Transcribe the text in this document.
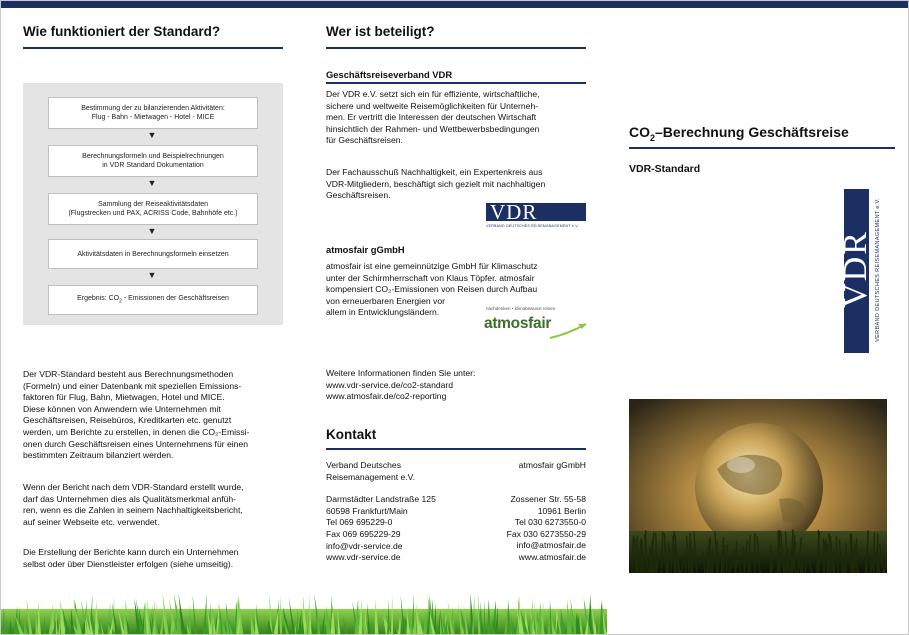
Wie funktioniert der Standard?
Bestimmung der zu bilanzierenden Aktivitäten:
Flug - Bahn - Mietwagen - Hotel - MICE
▼
Berechnungsformeln und Beispielrechnungen
in VDR Standard Dokumentation
▼
Sammlung der Reiseaktivitätsdaten
(Flugstrecken und PAX, ACRISS Code, Bahnhöfe etc.)
▼
Aktivitätsdaten in Berechnungsformeln einsetzen
▼
Ergebnis: $CO_2$ - Emissionen der Geschäftsreisen
Der VDR-Standard besteht aus Berechnungsmethoden
(Formeln) und einer Datenbank mit speziellen Emissions-
faktoren für Flug, Bahn, Mietwagen, Hotel und MICE.
Diese können von Anwendern wie Unternehmen mit
Geschäftsreisen, Reisebüros, Kreditkarten etc. genutzt
werden, um Berichte zu erstellen, in denen die CO₂-Emissi-
onen durch Geschäftsreisen eines Unternehmens für einen
bestimmten Zeitraum bilanziert werden.
Wenn der Bericht nach dem VDR-Standard erstellt wurde,
darf das Unternehmen dies als Qualitätsmerkmal anfüh-
ren, wenn es die Zahlen in seinem Nachhaltigkeitsbericht,
auf seiner Webseite etc. verwendet.
Die Erstellung der Berichte kann durch ein Unternehmen
selbst oder über Dienstleister erfolgen (siehe umseitig).
Wer ist beteiligt?
Geschäftsreiseverband VDR
Der VDR e.V. setzt sich ein für effiziente, wirtschaftliche,
sichere und weltweite Reisemöglichkeiten für Unterneh-
men. Er vertritt die Interessen der deutschen Wirtschaft
hinsichtlich der Rahmen- und Wettbewerbsbedingungen
für Geschäftsreisen.
Der Fachausschuß Nachhaltigkeit, ein Expertenkreis aus
VDR-Mitgliedern, beschäftigt sich gezielt mit nachhaltigen
Geschäftsreisen.
VDR
VERBAND DEUTSCHES REISEMANAGEMENT e.V.
atmosfair gGmbH
atmosfair ist eine gemeinnützige GmbH für Klimaschutz
unter der Schirmherrschaft von Klaus Töpfer. atmosfair
kompensiert CO₂-Emissionen von Reisen durch Aufbau
von erneuerbaren Energien vor
allem in Entwicklungsländern.	nachdenken • klimabewusst reisen
atmosfair
Weitere Informationen finden Sie unter:
www.vdr-service.de/co2-standard
www.atmosfair.de/co2-reporting
Kontakt
Verband Deutsches
Reisemanagement e.V.
Darmstädter Landstraße 125
60598 Frankfurt/Main
Tel 069 695229-0
Fax 069 695229-29
info@vdr-service.de
www.vdr-service.de
atmosfair gGmbH
Zossener Str. 55-58
10961 Berlin
Tel 030 6273550-0
Fax 030 6273550-29
info@atmosfair.de
www.atmosfair.de
$CO_2$–Berechnung Geschäftsreise
VDR-Standard
VDR VERBAND DEUTSCHES REISEMANAGEMENT e.V.
